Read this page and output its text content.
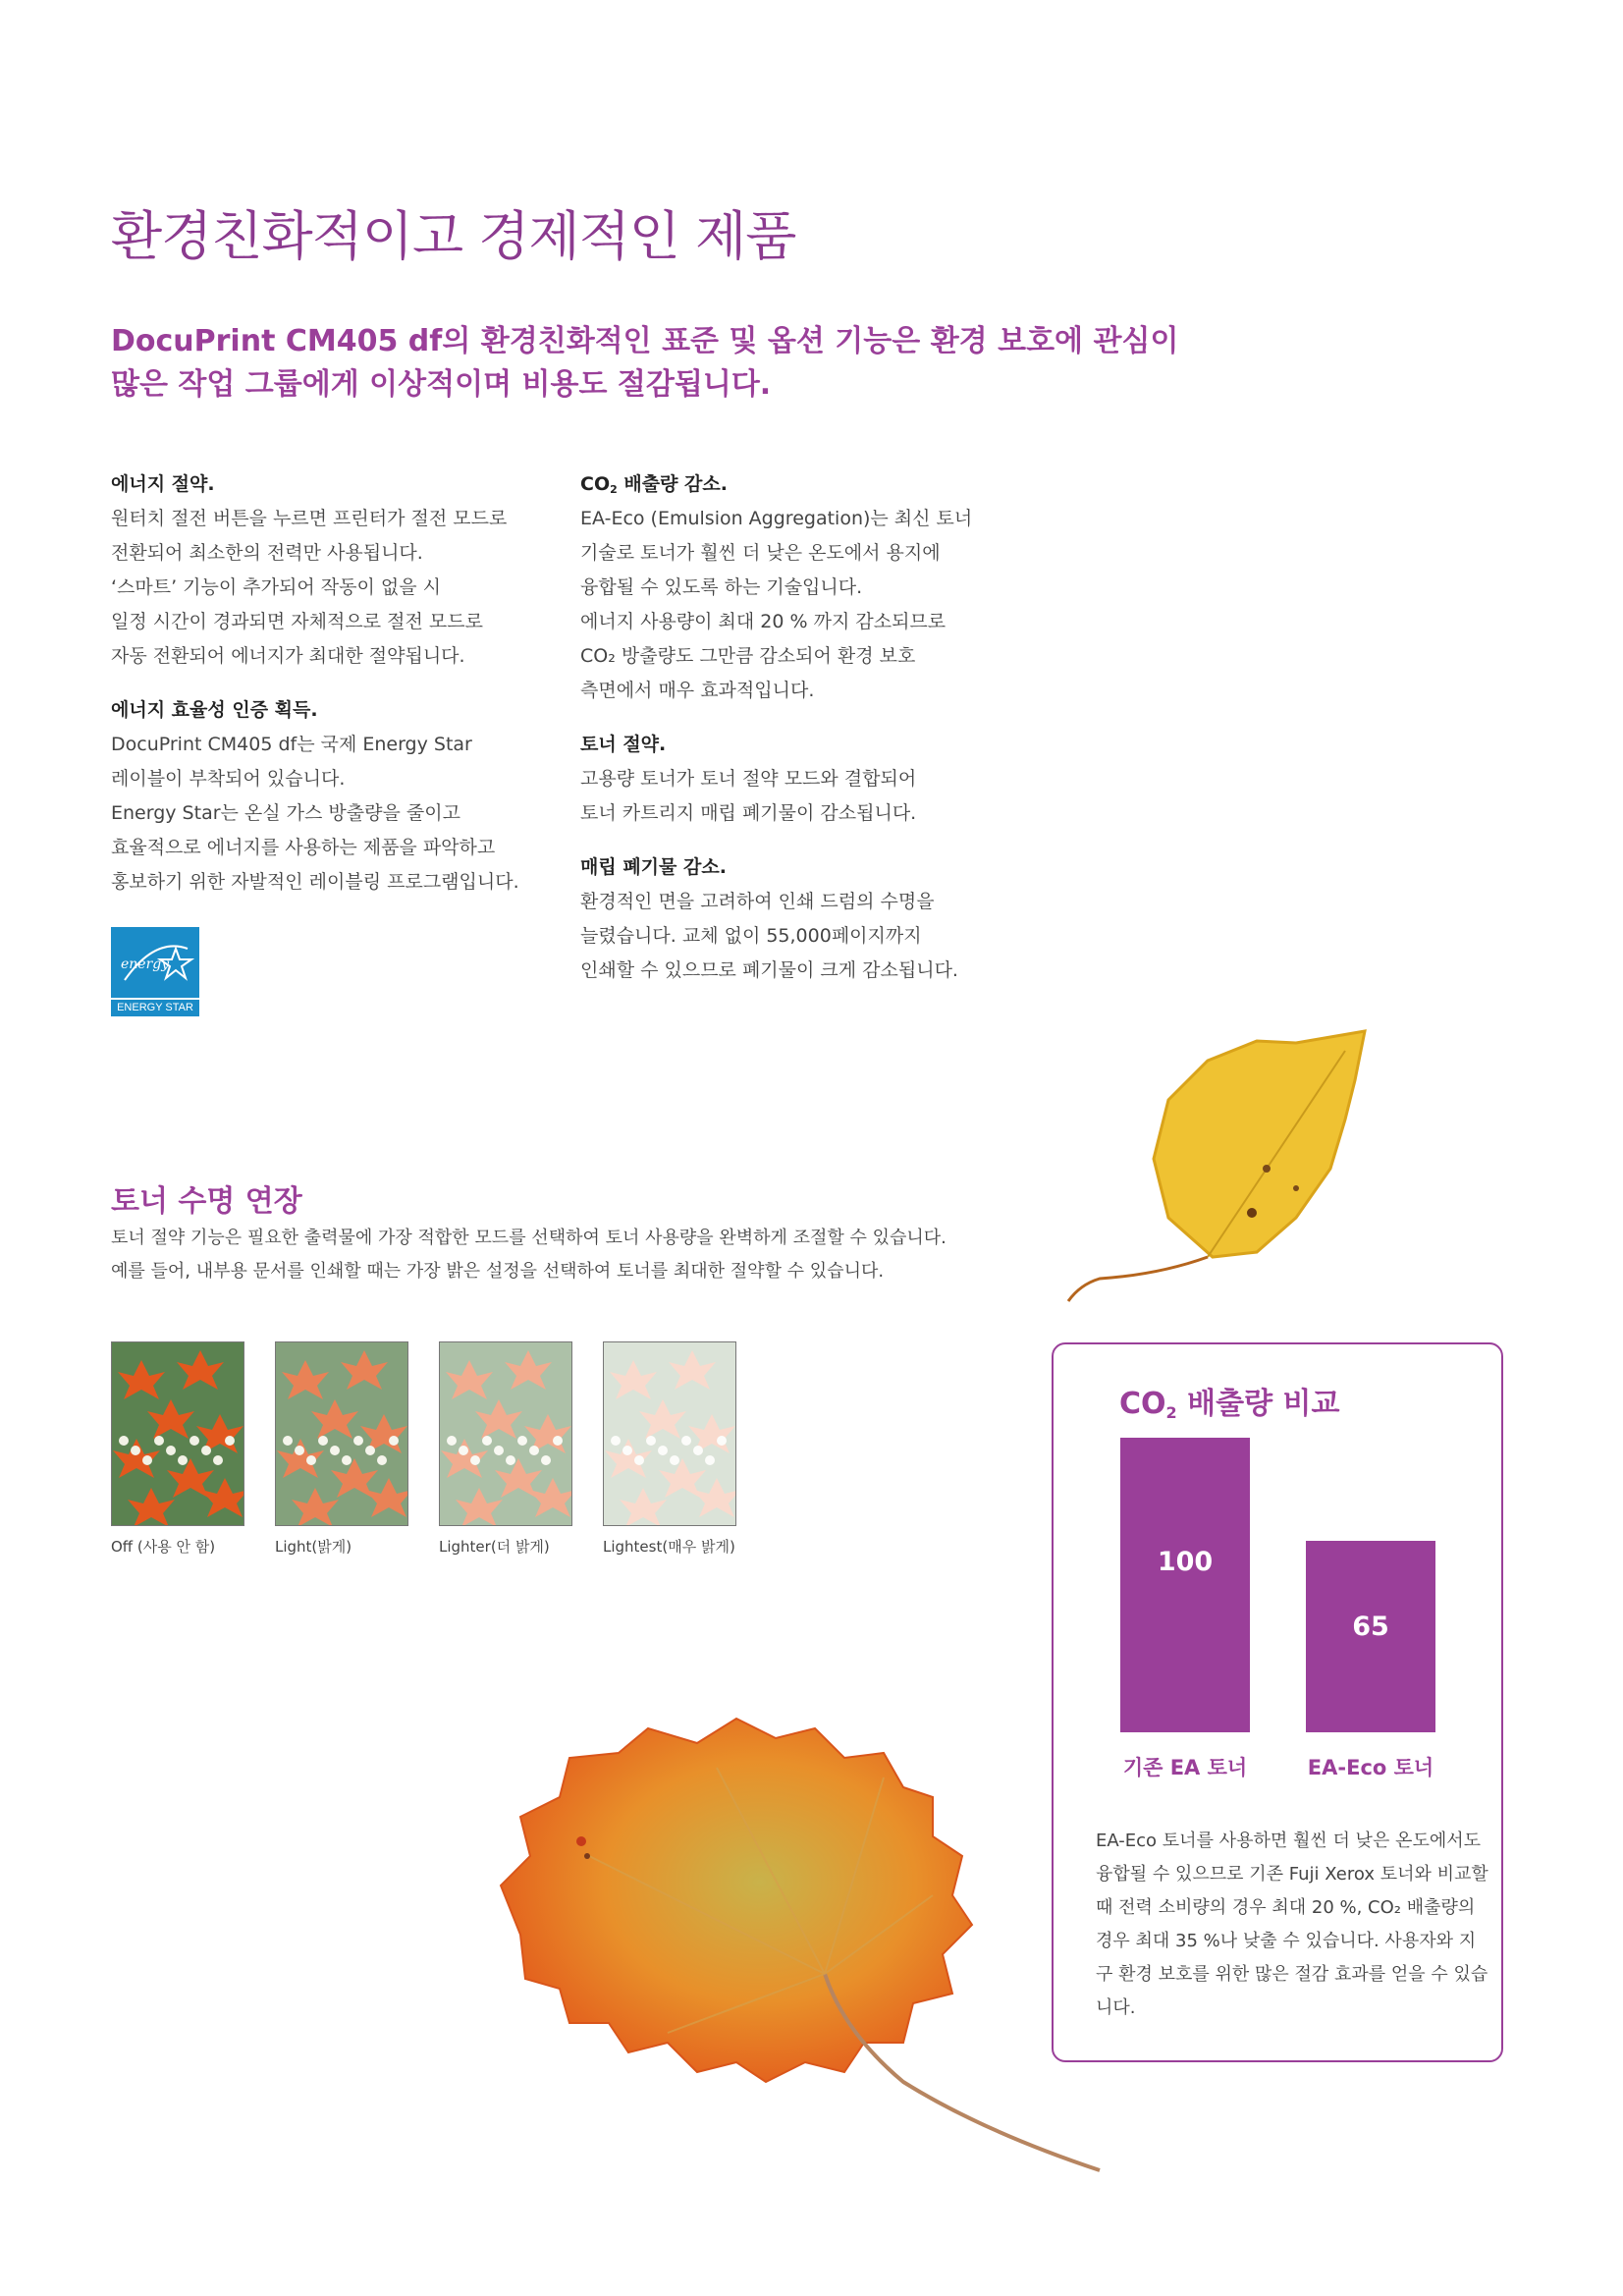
환경친화적이고 경제적인 제품
DocuPrint CM405 df의 환경친화적인 표준 및 옵션 기능은 환경 보호에 관심이
많은 작업 그룹에게 이상적이며 비용도 절감됩니다.

에너지 절약.

원터치 절전 버튼을 누르면 프린터가 절전 모드로
전환되어 최소한의 전력만 사용됩니다.
‘스마트’ 기능이 추가되어 작동이 없을 시
일정 시간이 경과되면 자체적으로 절전 모드로
자동 전환되어 에너지가 최대한 절약됩니다.

에너지 효율성 인증 획득.

DocuPrint CM405 df는 국제 Energy Star
레이블이 부착되어 있습니다.
Energy Star는 온실 가스 방출량을 줄이고
효율적으로 에너지를 사용하는 제품을 파악하고
홍보하기 위한 자발적인 레이블링 프로그램입니다.

energy
ENERGY STAR

$CO_2$ 배출량 감소.

EA-Eco (Emulsion Aggregation)는 최신 토너
기술로 토너가 훨씬 더 낮은 온도에서 용지에
융합될 수 있도록 하는 기술입니다.
에너지 사용량이 최대 20 % 까지 감소되므로
CO₂ 방출량도 그만큼 감소되어 환경 보호
측면에서 매우 효과적입니다.

토너 절약.

고용량 토너가 토너 절약 모드와 결합되어
토너 카트리지 매립 폐기물이 감소됩니다.

매립 폐기물 감소.

환경적인 면을 고려하여 인쇄 드럼의 수명을
늘렸습니다. 교체 없이 55,000페이지까지
인쇄할 수 있으므로 폐기물이 크게 감소됩니다.

토너 수명 연장
토너 절약 기능은 필요한 출력물에 가장 적합한 모드를 선택하여 토너 사용량을 완벽하게 조절할 수 있습니다.
예를 들어, 내부용 문서를 인쇄할 때는 가장 밝은 설정을 선택하여 토너를 최대한 절약할 수 있습니다.
Off (사용 안 함)	Light(밝게)	Lighter(더 밝게)	Lightest(매우 밝게)
$CO_2$ 배출량 비교
100
기존 EA 토너
65
EA-Eco 토너

EA-Eco 토너를 사용하면 훨씬 더 낮은 온도에서도 융합될 수 있으므로 기존 Fuji Xerox 토너와 비교할 때 전력 소비량의 경우 최대 20 %, CO₂ 배출량의 경우 최대 35 %나 낮출 수 있습니다. 사용자와 지구 환경 보호를 위한 많은 절감 효과를 얻을 수 있습니다.
